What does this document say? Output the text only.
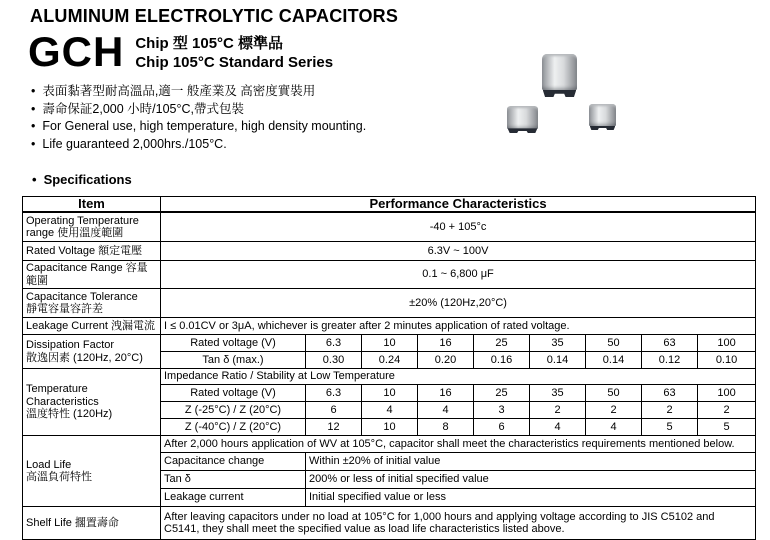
ALUMINUM ELECTROLYTIC CAPACITORS
GCH Chip 型 105°C 標準品
Chip 105°C Standard Series
• 表面黏著型耐高溫品,適一 般產業及 高密度實裝用
• 壽命保証2,000 小時/105°C,帶式包裝
• For General use, high temperature, high density mounting.
• Life guaranteed 2,000hrs./105°C.
• Specifications
Item	Performance Characteristics								

Operating Temperature
range 使用溫度範圍	-40 + 105°c								
Rated Voltage 額定電壓	6.3V ~ 100V								
Capacitance Range 容量範圍	0.1 ~ 6,800 μF								

Capacitance Tolerance
靜電容量容許差	±20% (120Hz,20°C)								
Leakage Current 洩漏電流	I ≤ 0.01CV or 3μA, whichever is greater after 2 minutes application of rated voltage.								

Dissipation Factor
散逸因素 (120Hz, 20°C)	Rated voltage (V)	6.3	10	16	25	35	50	63	100
	Tan δ (max.)	0.30	0.24	0.20	0.16	0.14	0.14	0.12	0.10

Temperature
Characteristics
溫度特性 (120Hz)	Impedance Ratio / Stability at Low Temperature								
	Rated voltage (V)	6.3	10	16	25	35	50	63	100
	Z (-25°C) / Z (20°C)	6	4	4	3	2	2	2	2
	Z (-40°C) / Z (20°C)	12	10	8	6	4	4	5	5

Load Life
高溫負荷特性	After 2,000 hours application of WV at 105°C, capacitor shall meet the characteristics requirements mentioned below.								
	Capacitance change	Within ±20% of initial value							
	Tan δ	200% or less of initial specified value							
	Leakage current	Initial specified value or less							
Shelf Life 擱置壽命	After leaving capacitors under no load at 105°C for 1,000 hours and applying voltage according to JIS C5102 and C5141, they shall meet the specified value as load life characteristics listed above.								
